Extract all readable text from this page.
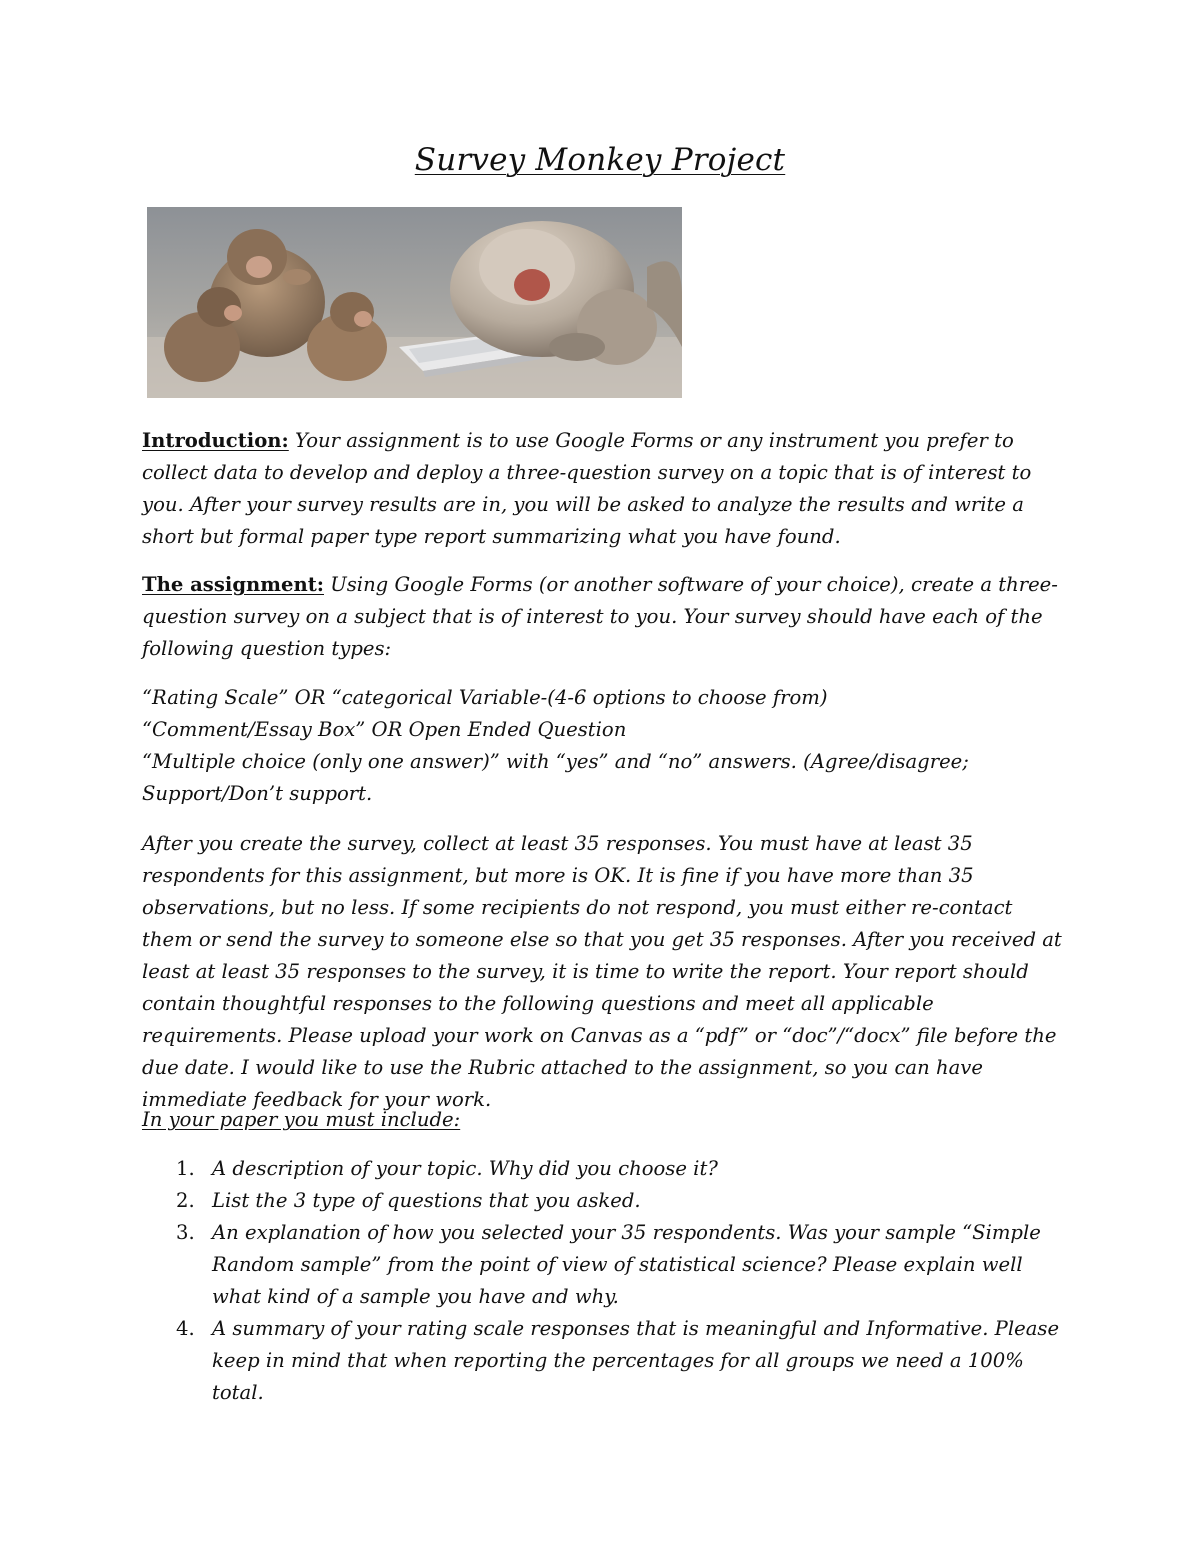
Survey Monkey Project

Introduction: Your assignment is to use Google Forms or any instrument you prefer to collect data to develop and deploy a three-question survey on a topic that is of interest to you. After your survey results are in, you will be asked to analyze the results and write a short but formal paper type report summarizing what you have found.

The assignment: Using Google Forms (or another software of your choice), create a three-question survey on a subject that is of interest to you. Your survey should have each of the following question types:

“Rating Scale” OR “categorical Variable-(4-6 options to choose from)

“Comment/Essay Box” OR Open Ended Question

“Multiple choice (only one answer)” with “yes” and “no” answers. (Agree/disagree; Support/Don’t support.

After you create the survey, collect at least 35 responses. You must have at least 35 respondents for this assignment, but more is OK. It is fine if you have more than 35 observations, but no less. If some recipients do not respond, you must either re-contact them or send the survey to someone else so that you get 35 responses. After you received at least at least 35 responses to the survey, it is time to write the report. Your report should contain thoughtful responses to the following questions and meet all applicable requirements. Please upload your work on Canvas as a “pdf” or “doc”/“docx” file before the due date. I would like to use the Rubric attached to the assignment, so you can have immediate feedback for your work.

In your paper you must include:
1. A description of your topic. Why did you choose it?
2. List the 3 type of questions that you asked.
3. An explanation of how you selected your 35 respondents. Was your sample “Simple Random sample” from the point of view of statistical science? Please explain well what kind of a sample you have and why.
4. A summary of your rating scale responses that is meaningful and Informative. Please keep in mind that when reporting the percentages for all groups we need a 100% total.
